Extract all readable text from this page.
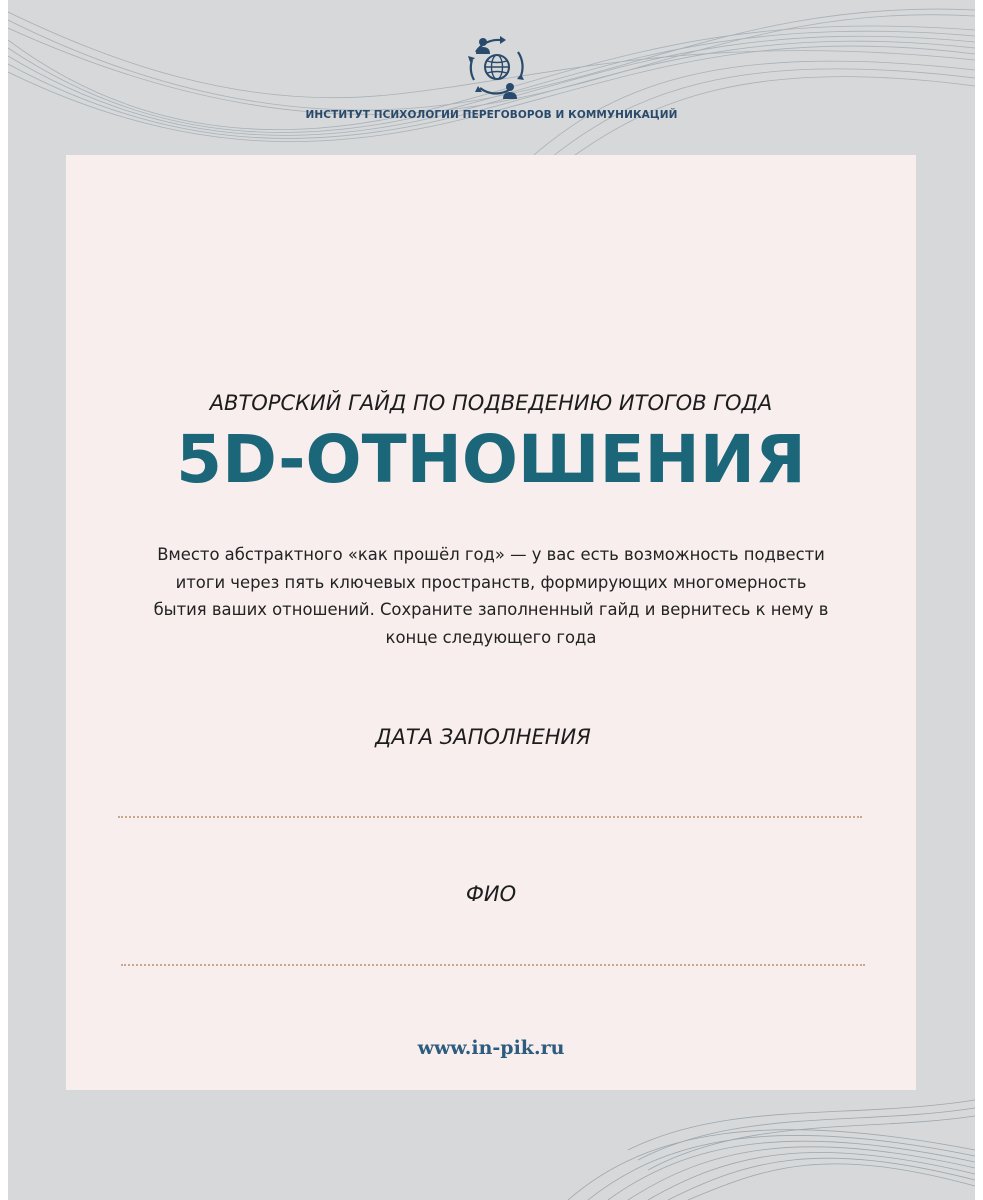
ИНСТИТУТ ПСИХОЛОГИИ ПЕРЕГОВОРОВ И КОММУНИКАЦИЙ
АВТОРСКИЙ ГАЙД ПО ПОДВЕДЕНИЮ ИТОГОВ ГОДА
5D-ОТНОШЕНИЯ
Вместо абстрактного «как прошёл год» — у вас есть возможность подвести
итоги через пять ключевых пространств, формирующих многомерность
бытия ваших отношений. Сохраните заполненный гайд и вернитесь к нему в
конце следующего года
ДАТА ЗАПОЛНЕНИЯ
ФИО
www.in-pik.ru
